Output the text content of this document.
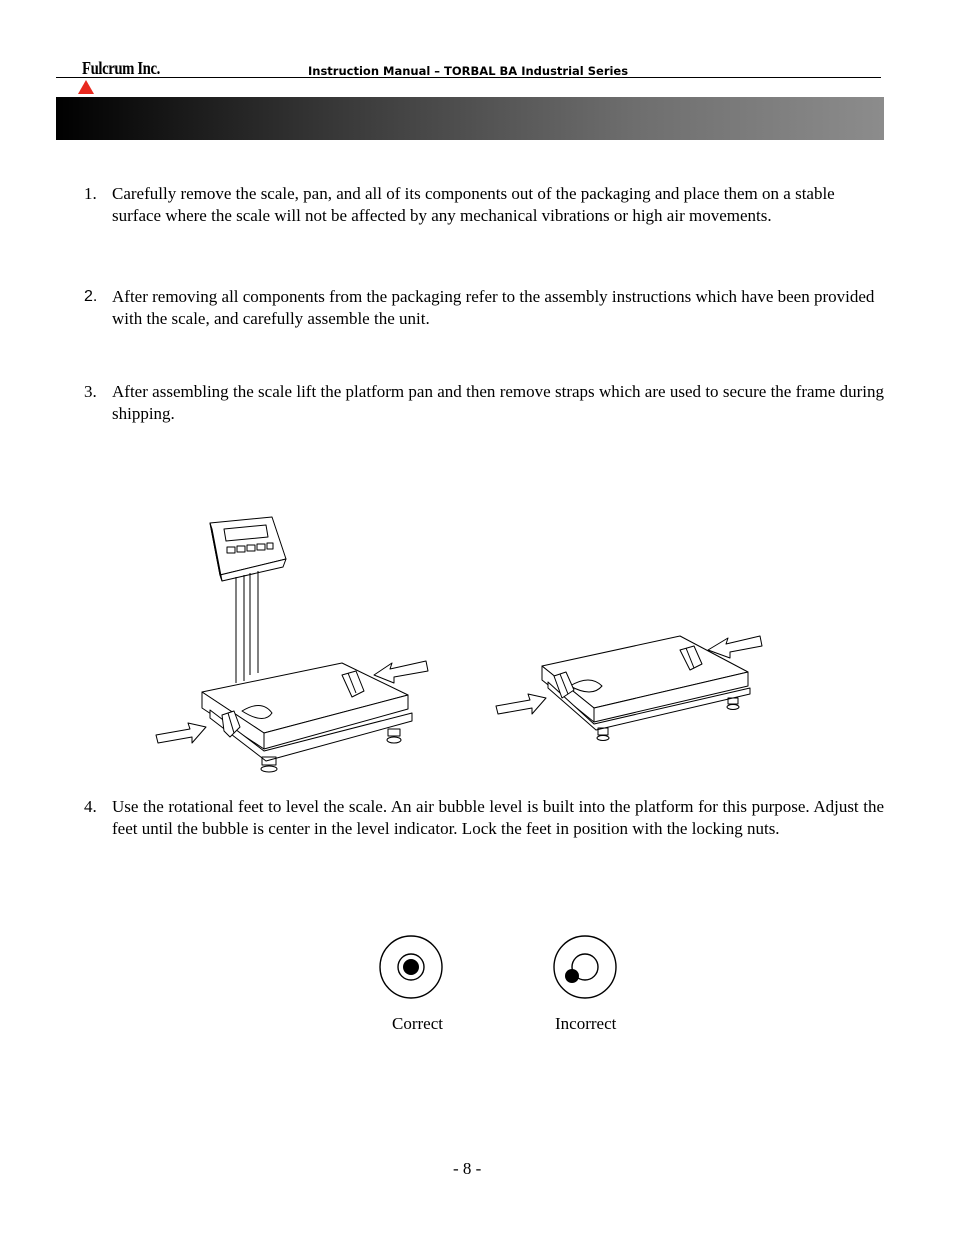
Fulcrum Inc.	Instruction Manual – TORBAL BA Industrial Series
1. Carefully remove the scale, pan, and all of its components out of the packaging and place them on a stable surface where the scale will not be affected by any mechanical vibrations or high air movements.
2. After removing all components from the packaging refer to the assembly instructions which have been provided with the scale, and carefully assemble the unit.
3. After assembling the scale lift the platform pan and then remove straps which are used to secure the frame during shipping.
4. Use the rotational feet to level the scale. An air bubble level is built into the platform for this purpose. Adjust the feet until the bubble is center in the level indicator. Lock the feet in position with the locking nuts.
Correct	Incorrect
- 8 -
